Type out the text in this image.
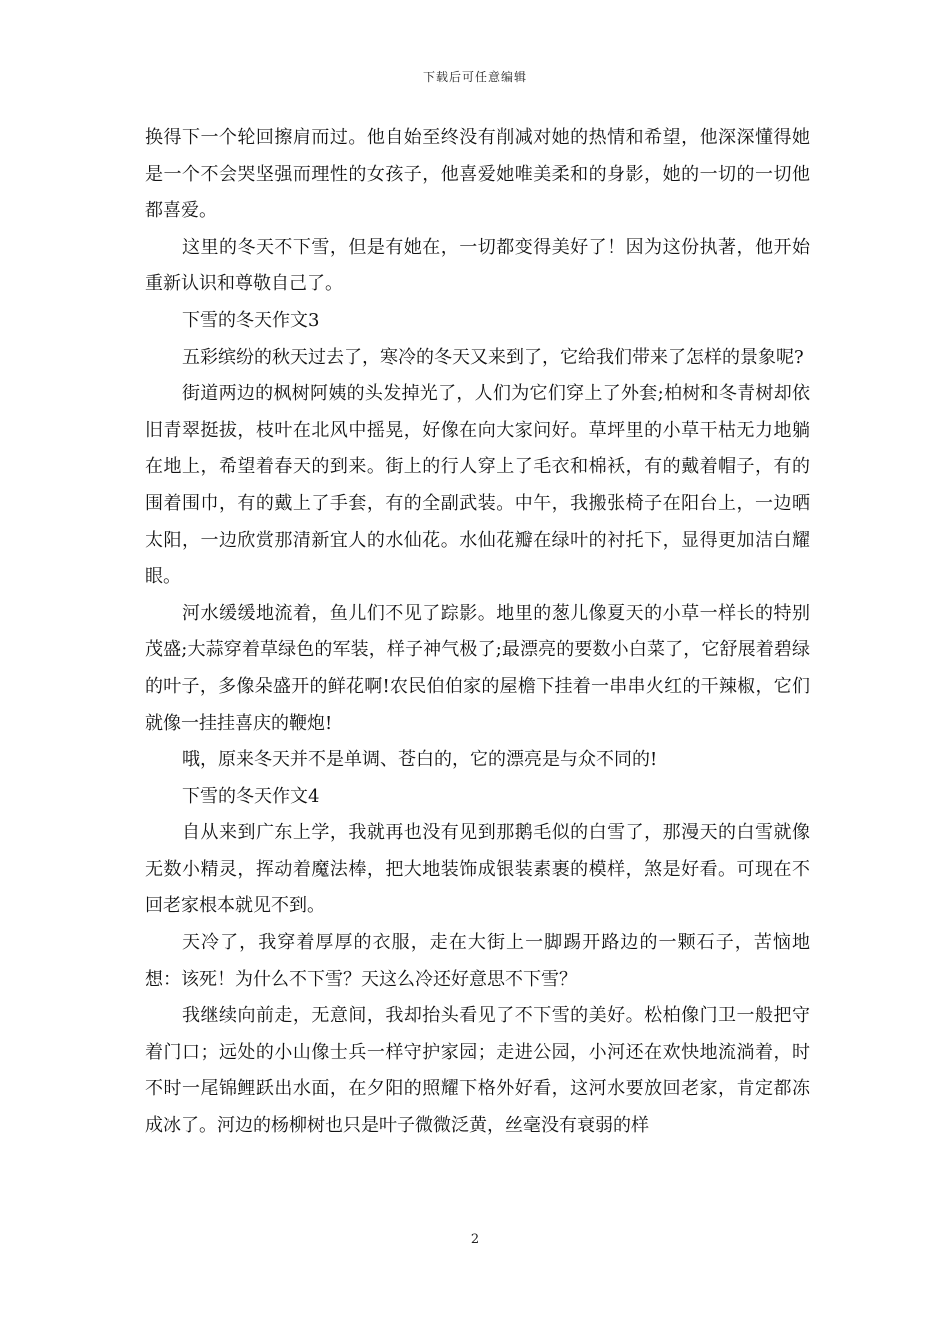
下载后可任意编辑

换得下一个轮回擦肩而过。他自始至终没有削减对她的热情和希望，他深深懂得她是一个不会哭坚强而理性的女孩子，他喜爱她唯美柔和的身影，她的一切的一切他都喜爱。

这里的冬天不下雪，但是有她在，一切都变得美好了！因为这份执著，他开始重新认识和尊敬自己了。

下雪的冬天作文3

五彩缤纷的秋天过去了，寒冷的冬天又来到了，它给我们带来了怎样的景象呢?

街道两边的枫树阿姨的头发掉光了，人们为它们穿上了外套;柏树和冬青树却依旧青翠挺拔，枝叶在北风中摇晃，好像在向大家问好。草坪里的小草干枯无力地躺在地上，希望着春天的到来。街上的行人穿上了毛衣和棉袄，有的戴着帽子，有的围着围巾，有的戴上了手套，有的全副武装。中午，我搬张椅子在阳台上，一边晒太阳，一边欣赏那清新宜人的水仙花。水仙花瓣在绿叶的衬托下，显得更加洁白耀眼。

河水缓缓地流着，鱼儿们不见了踪影。地里的葱儿像夏天的小草一样长的特别茂盛;大蒜穿着草绿色的军装，样子神气极了;最漂亮的要数小白菜了，它舒展着碧绿的叶子，多像朵盛开的鲜花啊!农民伯伯家的屋檐下挂着一串串火红的干辣椒，它们就像一挂挂喜庆的鞭炮!

哦，原来冬天并不是单调、苍白的，它的漂亮是与众不同的!

下雪的冬天作文4

自从来到广东上学，我就再也没有见到那鹅毛似的白雪了，那漫天的白雪就像无数小精灵，挥动着魔法棒，把大地装饰成银装素裹的模样，煞是好看。可现在不回老家根本就见不到。

天冷了，我穿着厚厚的衣服，走在大街上一脚踢开路边的一颗石子，苦恼地想：该死！为什么不下雪？天这么冷还好意思不下雪？

我继续向前走，无意间，我却抬头看见了不下雪的美好。松柏像门卫一般把守着门口；远处的小山像士兵一样守护家园；走进公园，小河还在欢快地流淌着，时不时一尾锦鲤跃出水面，在夕阳的照耀下格外好看，这河水要放回老家，肯定都冻成冰了。河边的杨柳树也只是叶子微微泛黄，丝毫没有衰弱的样

2
